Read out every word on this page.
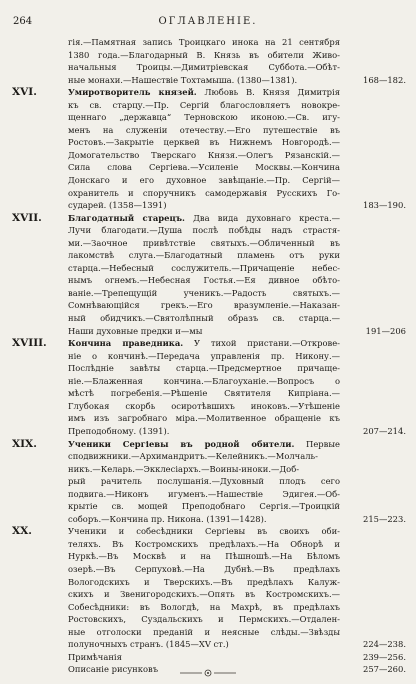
264	ОГЛАВЛЕНІЕ.
гія.—Памятная запись Троицкаго инока на 21 сентября
1380 года.—Благодарный В. Князь въ обители Живо-
начальныя Троицы.—Димитріевская Суббота.—Обѣт-
ные монахи.—Нашествіе Тохтамыша. (1380—1381).	168—182.
XVI.	Умиротворитель князей. Любовь В. Князя Димитрія
къ св. старцу.—Пр. Сергій благословляетъ новокре-
щеннаго „державца“ Терновскою иконою.—Св. игу-
менъ на служеніи отечеству.—Его путешествіе въ
Ростовъ.—Закрытіе церквей въ Нижнемъ Новгородѣ.—
Домогательство Тверскаго Князя.—Олегъ Рязанскій.—
Сила слова Сергіева.—Усиленіе Москвы.—Кончина
Донскаго и его духовное завѣщаніе.—Пр. Сергій—
охранитель и споручникъ самодержавія Русскихъ Го-
сударей. (1358—1391)	183—190.
XVII.	Благодатный старецъ. Два вида духовнаго креста.—
Лучи благодати.—Душа послѣ побѣды надъ страстя-
ми.—Заочное привѣтствіе святыхъ.—Обличенный въ
лакомствѣ слуга.—Благодатный пламень отъ руки
старца.—Небесный сослужитель.—Причащеніе небес-
нымъ огнемъ.—Небесная Гостья.—Ея дивное обѣто-
ваніе.—Трепещущій ученикъ.—Радость святыхъ.—
Сомнѣвающійся грекъ.—Его вразумленіе.—Наказан-
ный обидчикъ.—Святолѣпный образъ св. старца.—
Наши духовные предки и—мы	191—206
XVIII.	Кончина праведника. У тихой пристани.—Открове-
ніе о кончинѣ.—Передача управленія пр. Никону.—
Послѣдніе завѣты старца.—Предсмертное причаще-
ніе.—Блаженная кончина.—Благоуханіе.—Вопросъ о
мѣстѣ погребенія.—Рѣшеніе Святителя Кипріана.—
Глубокая скорбь осиротѣвшихъ иноковъ.—Утѣшеніе
имъ изъ загробнаго міра.—Молитвенное обращеніе къ
Преподобному. (1391).	207—214.
XIX.	Ученики Сергіевы въ родной обители. Первые
сподвижники.—Архимандритъ.—Келейникъ.—Молчаль-
никъ.—Келарь.—Экклесіархъ.—Воины-иноки.—Доб-
рый рачитель послушанія.—Духовный плодъ сего
подвига.—Никонъ игуменъ.—Нашествіе Эдигея.—Об-
крытіе св. мощей Преподобнаго Сергія.—Троицкій
соборъ.—Кончина пр. Никона. (1391—1428).	215—223.
XX.	Ученики и собесѣдники Сергіевы въ своихъ оби-
теляхъ. Въ Костромскихъ предѣлахъ.—На Обнорѣ и
Нуркѣ.—Въ Москвѣ и на Пѣшношѣ.—На Бѣломъ
озерѣ.—Въ Серпуховѣ.—На Дубнѣ.—Въ предѣлахъ
Вологодскихъ и Тверскихъ.—Въ предѣлахъ Калуж-
скихъ и Звенигородскихъ.—Опять въ Костромскихъ.—
Собесѣдники: въ Вологдѣ, на Махрѣ, въ предѣлахъ
Ростовскихъ, Суздальскихъ и Пермскихъ.—Отдален-
ные отголоски преданій и неясные слѣды.—Звѣзды
полуночныхъ странъ. (1845—XV ст.)	224—238.
Примѣчанія	239—256.
Описаніе рисунковъ	257—260.
